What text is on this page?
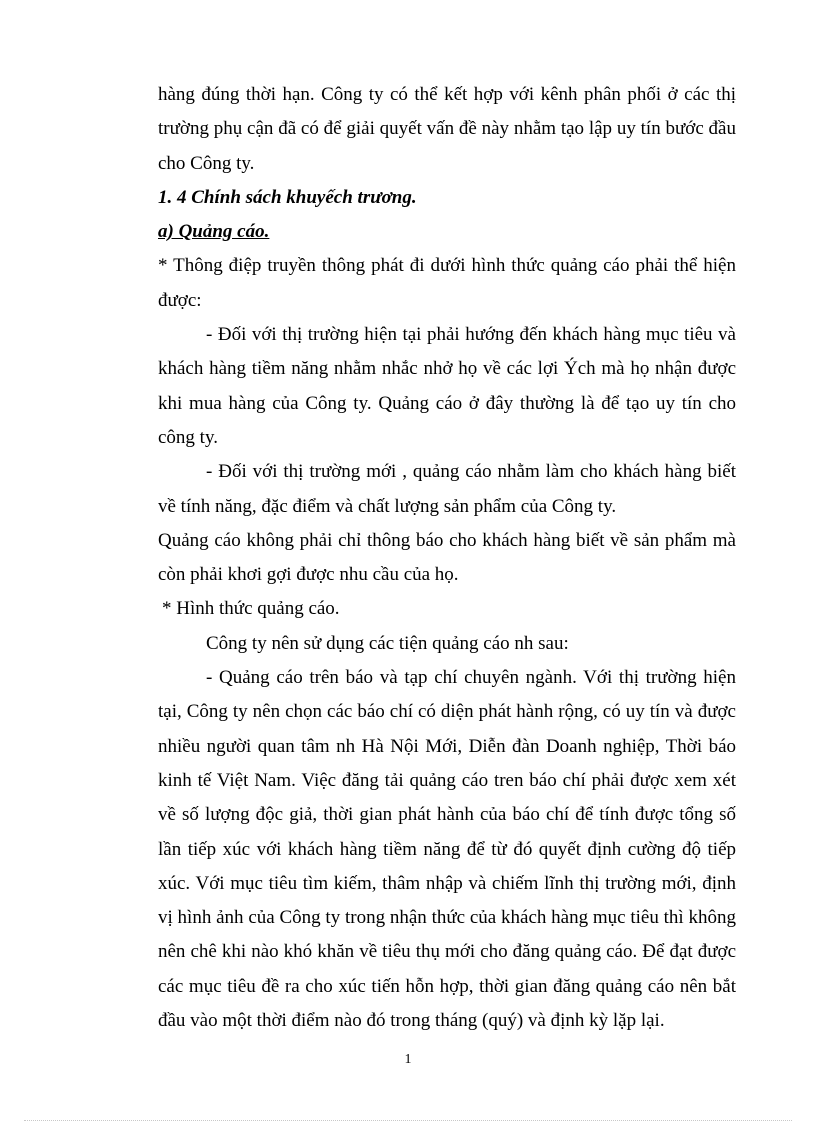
hàng đúng thời hạn. Công ty có thể kết hợp với kênh phân phối ở các thị trường phụ cận đã có để giải quyết vấn đề này nhằm tạo lập uy tín bước đầu cho Công ty.

1. 4 Chính sách khuyếch trương.

a) Quảng cáo.

* Thông điệp truyền thông phát đi dưới hình thức quảng cáo phải thể hiện được:

- Đối với thị trường hiện tại phải hướng đến khách hàng mục tiêu và khách hàng tiềm năng nhằm nhắc nhở họ về các lợi Ých mà họ nhận được khi mua hàng của Công ty. Quảng cáo ở đây thường là để tạo uy tín cho công ty.

- Đối với thị trường mới , quảng cáo nhằm làm cho khách hàng biết về tính năng, đặc điểm và chất lượng sản phẩm của Công ty.

Quảng cáo không phải chỉ thông báo cho khách hàng biết về sản phẩm mà còn phải khơi gợi được nhu cầu của họ.

* Hình thức quảng cáo.

Công ty nên sử dụng các tiện quảng cáo nh sau:

- Quảng cáo trên báo và tạp chí chuyên ngành. Với thị trường hiện tại, Công ty nên chọn các báo chí có diện phát hành rộng, có uy tín và được nhiều người quan tâm nh Hà Nội Mới, Diễn đàn Doanh nghiệp, Thời báo kinh tế Việt Nam. Việc đăng tải quảng cáo tren báo chí phải được xem xét về số lượng độc giả, thời gian phát hành của báo chí để tính được tổng số lần tiếp xúc với khách hàng tiềm năng để từ đó quyết định cường độ tiếp xúc. Với mục tiêu tìm kiếm, thâm nhập và chiếm lĩnh thị trường mới, định vị hình ảnh của Công ty trong nhận thức của khách hàng mục tiêu thì không nên chê khi nào khó khăn về tiêu thụ mới cho đăng quảng cáo. Để đạt được các mục tiêu đề ra cho xúc tiến hỗn hợp, thời gian đăng quảng cáo nên bắt đầu vào một thời điểm nào đó trong tháng (quý) và định kỳ lặp lại.

1
